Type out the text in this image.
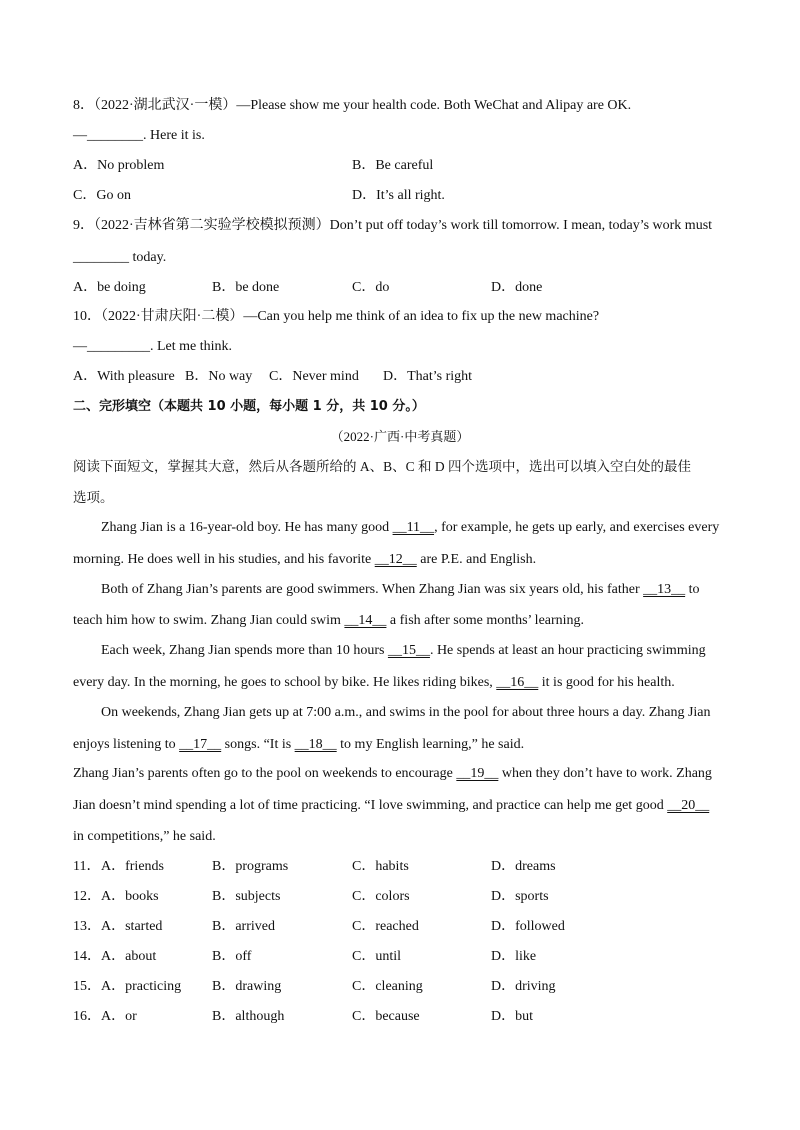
8．（2022·湖北武汉·一模）—Please show me your health code. Both WeChat and Alipay are OK.
—________. Here it is.
A．No problem	B．Be careful
C．Go on	D．It’s all right.
9．（2022·吉林省第二实验学校模拟预测）Don’t put off today’s work till tomorrow. I mean, today’s work must
________ today.
A．be doing	B．be done	C．do	D．done
10．（2022·甘肃庆阳·二模）—Can you help me think of an idea to fix up the new machine?
—_________. Let me think.
A．With pleasure B．No way C．Never mind D．That’s right
二、完形填空（本题共 10 小题，每小题 1 分，共 10 分。）
（2022·广西·中考真题）
阅读下面短文，掌握其大意，然后从各题所给的 A、B、C 和 D 四个选项中，选出可以填入空白处的最佳
选项。
Zhang Jian is a 16-year-old boy. He has many good __11__, for example, he gets up early, and exercises every
morning. He does well in his studies, and his favorite __12__ are P.E. and English.
Both of Zhang Jian’s parents are good swimmers. When Zhang Jian was six years old, his father __13__ to
teach him how to swim. Zhang Jian could swim __14__ a fish after some months’ learning.
Each week, Zhang Jian spends more than 10 hours __15__. He spends at least an hour practicing swimming
every day. In the morning, he goes to school by bike. He likes riding bikes, __16__ it is good for his health.
On weekends, Zhang Jian gets up at 7:00 a.m., and swims in the pool for about three hours a day. Zhang Jian
enjoys listening to __17__ songs. “It is __18__ to my English learning,” he said.
Zhang Jian’s parents often go to the pool on weekends to encourage __19__ when they don’t have to work. Zhang
Jian doesn’t mind spending a lot of time practicing. “I love swimming, and practice can help me get good __20__
in competitions,” he said.
11． A．friends	B．programs	C．habits	D．dreams
12． A．books	B．subjects	C．colors	D．sports
13． A．started	B．arrived	C．reached	D．followed
14． A．about	B．off	C．until	D．like
15． A．practicing B．drawing	C．cleaning	D．driving
16． A．or	B．although	C．because	D．but
